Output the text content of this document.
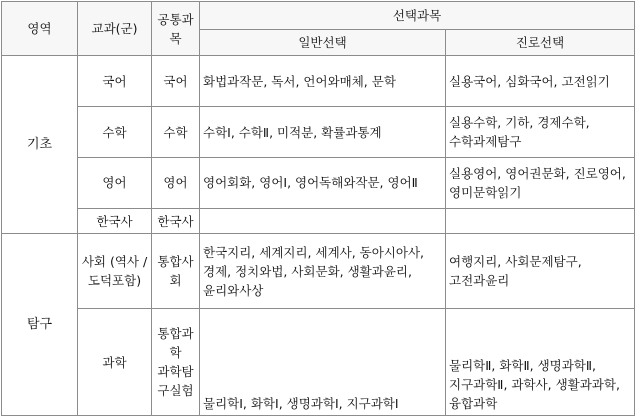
영역	교과(군)	공통과목	선택과목	
			일반선택	진로선택
기초	국어	국어	화법과작문, 독서, 언어와매체, 문학	실용국어, 심화국어, 고전읽기
	수학	수학	수학Ⅰ, 수학Ⅱ, 미적분, 확률과통계	실용수학, 기하, 경제수학, 수학과제탐구
	영어	영어	영어회화, 영어Ⅰ, 영어독해와작문, 영어Ⅱ	실용영어, 영어권문화, 진로영어, 영미문학읽기
	한국사	한국사		
탐구	사회 (역사 /도덕포함)	통합사회	한국지리, 세계지리, 세계사, 동아시아사, 경제, 정치와법, 사회문화, 생활과윤리, 윤리와사상	여행지리, 사회문제탐구, 고전과윤리
	과학	통합과학 과학탐구실험	물리학Ⅰ, 화학Ⅰ, 생명과학Ⅰ, 지구과학Ⅰ	물리학Ⅱ, 화학Ⅱ, 생명과학Ⅱ, 지구과학Ⅱ, 과학사, 생활과과학, 융합과학
